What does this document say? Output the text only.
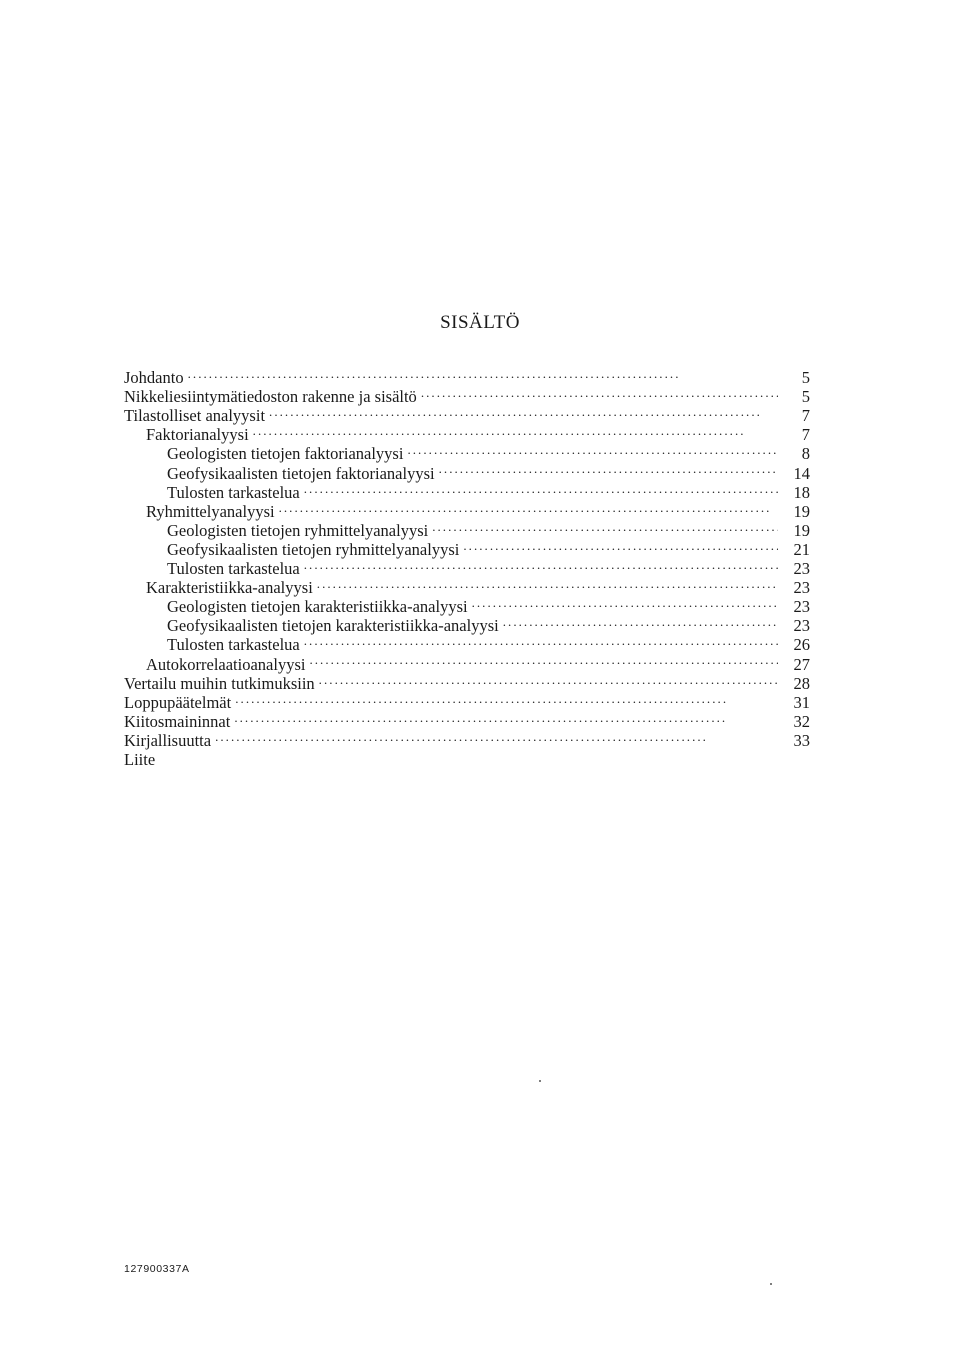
SISÄLTÖ
Johdanto . . .	5
Nikkeliesiintymätiedoston rakenne ja sisältö . . .	5
Tilastolliset analyysit . . .	7
Faktorianalyysi . . .	7
Geologisten tietojen faktorianalyysi . . .	8
Geofysikaalisten tietojen faktorianalyysi . . .	14
Tulosten tarkastelua . . .	18
Ryhmittelyanalyysi . . .	19
Geologisten tietojen ryhmittelyanalyysi . . .	19
Geofysikaalisten tietojen ryhmittelyanalyysi . . .	21
Tulosten tarkastelua . . .	23
Karakteristiikka-analyysi . . .	23
Geologisten tietojen karakteristiikka-analyysi . . .	23
Geofysikaalisten tietojen karakteristiikka-analyysi . . .	23
Tulosten tarkastelua . . .	26
Autokorrelaatioanalyysi . . .	27
Vertailu muihin tutkimuksiin . . .	28
Loppupäätelmät . . .	31
Kiitosmaininnat . . .	32
Kirjallisuutta . . .	33
Liite
127900337A
